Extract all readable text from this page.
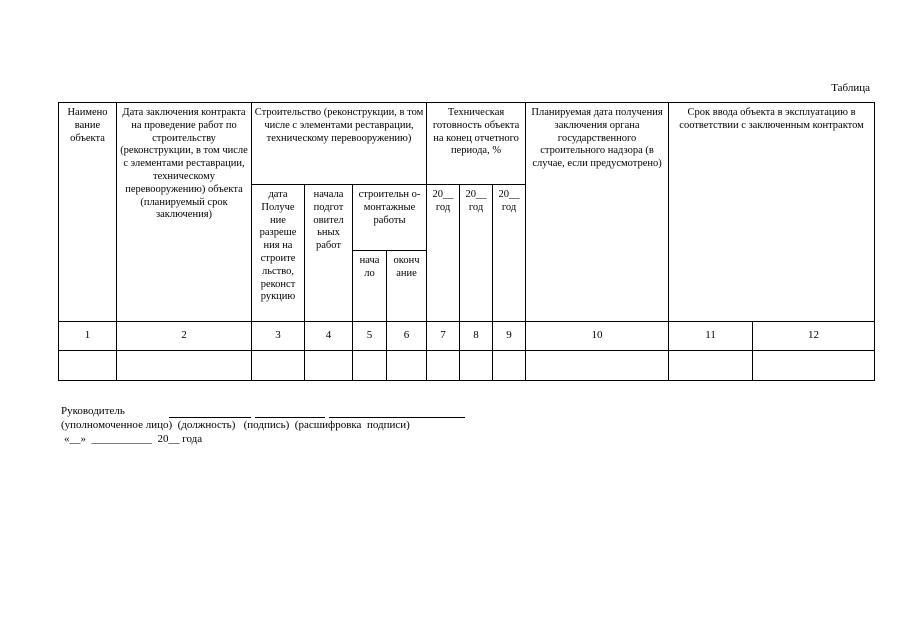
Таблица
Наимено вание объекта	Дата заключения контракта на проведение работ по строительству (реконструкции, в том числе с элементами реставрации, техническому перевооружению) объекта (планируемый срок заключения)	Строительство (реконструкции, в том числе с элементами реставрации, техническому перевооружению)				Техническая готовность объекта на конец отчетного периода, %			Планируемая дата получения заключения органа государственного строительного надзора (в случае, если предусмотрено)	Срок ввода объекта в эксплуатацию в соответствии с заключенным контрактом	
		дата Получе ние разреше ния на строите льство, реконст рукцию	начала подгот овител ьных работ	строительн о-монтажные работы		20__ год	20__ год	20__ год			
				нача ло	оконч ание						
1	2	3	4	5	6	7	8	9	10	11	12

Руководитель
(уполномоченное лицо)  (должность)   (подпись)  (расшифровка  подписи)
«__»  ___________  20__ года
